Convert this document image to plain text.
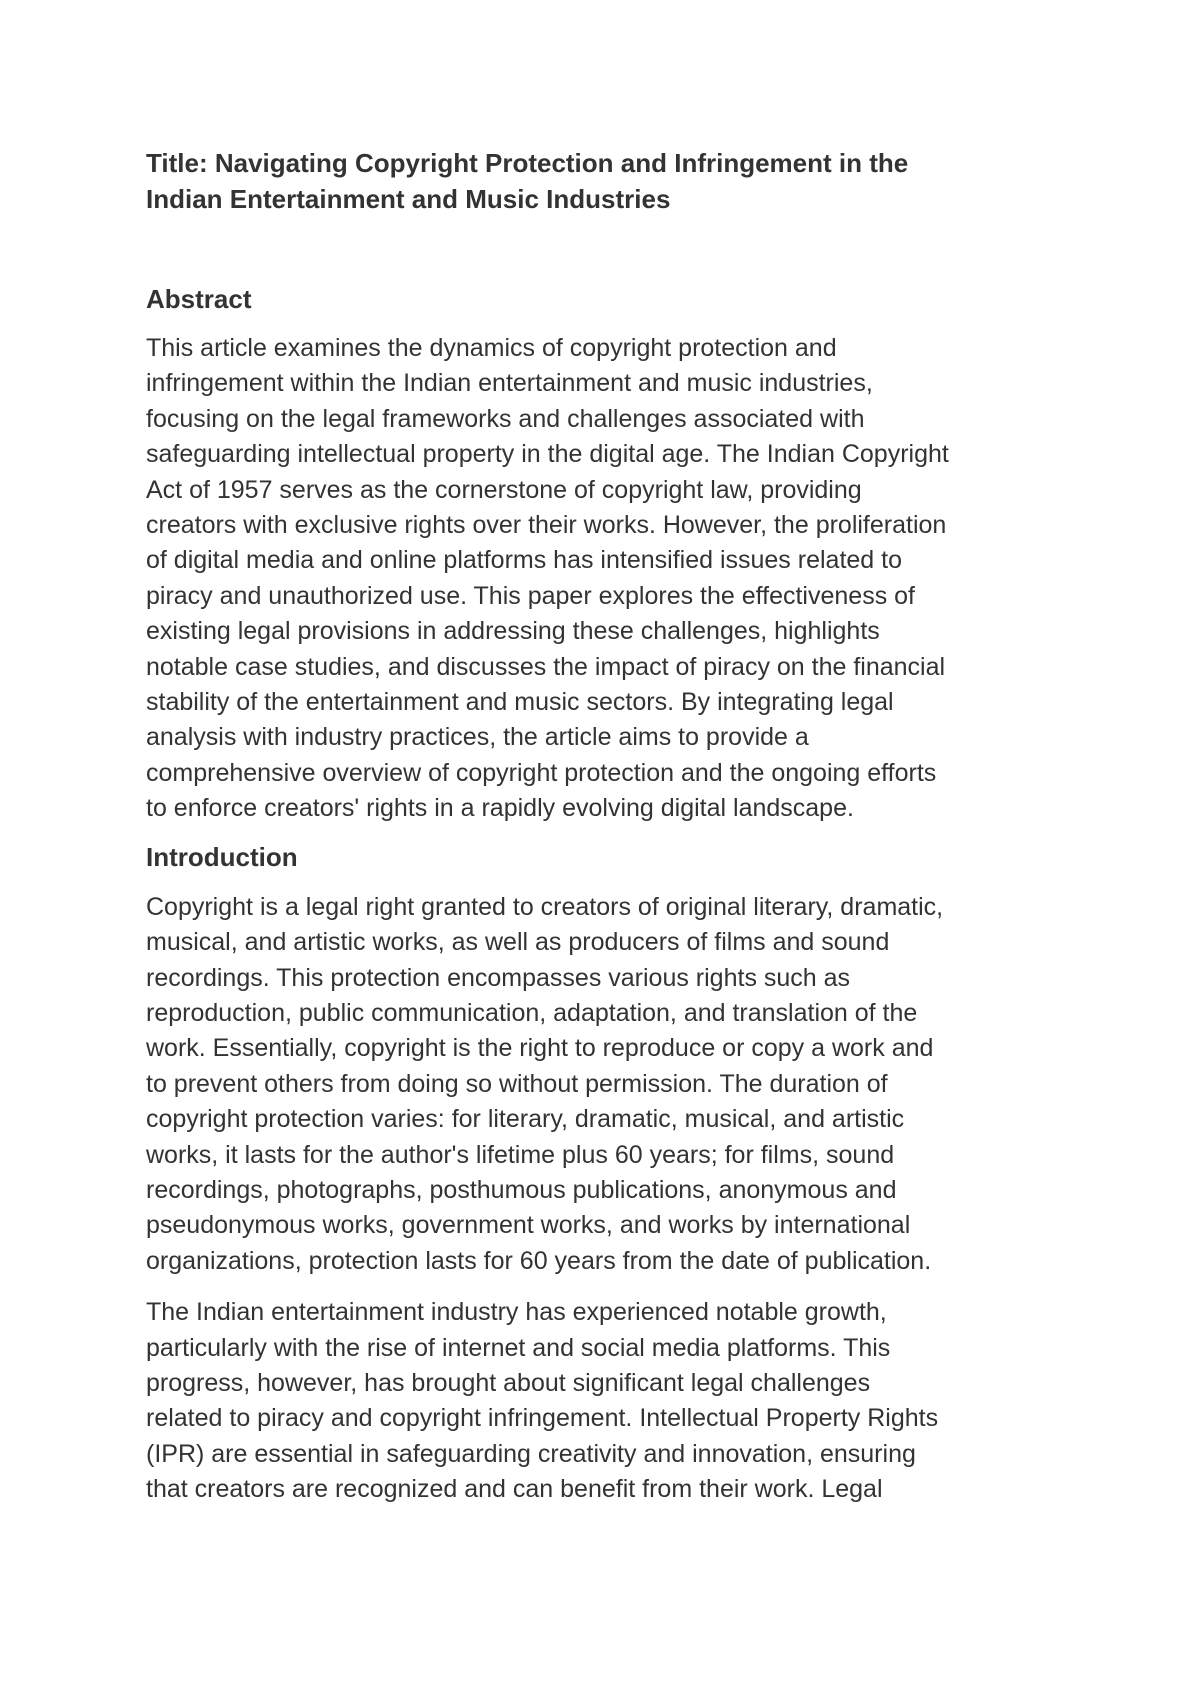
Title: Navigating Copyright Protection and Infringement in the
Indian Entertainment and Music Industries
Abstract

This article examines the dynamics of copyright protection and
infringement within the Indian entertainment and music industries,
focusing on the legal frameworks and challenges associated with
safeguarding intellectual property in the digital age. The Indian Copyright
Act of 1957 serves as the cornerstone of copyright law, providing
creators with exclusive rights over their works. However, the proliferation
of digital media and online platforms has intensified issues related to
piracy and unauthorized use. This paper explores the effectiveness of
existing legal provisions in addressing these challenges, highlights
notable case studies, and discusses the impact of piracy on the financial
stability of the entertainment and music sectors. By integrating legal
analysis with industry practices, the article aims to provide a
comprehensive overview of copyright protection and the ongoing efforts
to enforce creators' rights in a rapidly evolving digital landscape.

Introduction

Copyright is a legal right granted to creators of original literary, dramatic,
musical, and artistic works, as well as producers of films and sound
recordings. This protection encompasses various rights such as
reproduction, public communication, adaptation, and translation of the
work. Essentially, copyright is the right to reproduce or copy a work and
to prevent others from doing so without permission. The duration of
copyright protection varies: for literary, dramatic, musical, and artistic
works, it lasts for the author's lifetime plus 60 years; for films, sound
recordings, photographs, posthumous publications, anonymous and
pseudonymous works, government works, and works by international
organizations, protection lasts for 60 years from the date of publication.

The Indian entertainment industry has experienced notable growth,
particularly with the rise of internet and social media platforms. This
progress, however, has brought about significant legal challenges
related to piracy and copyright infringement. Intellectual Property Rights
(IPR) are essential in safeguarding creativity and innovation, ensuring
that creators are recognized and can benefit from their work. Legal
